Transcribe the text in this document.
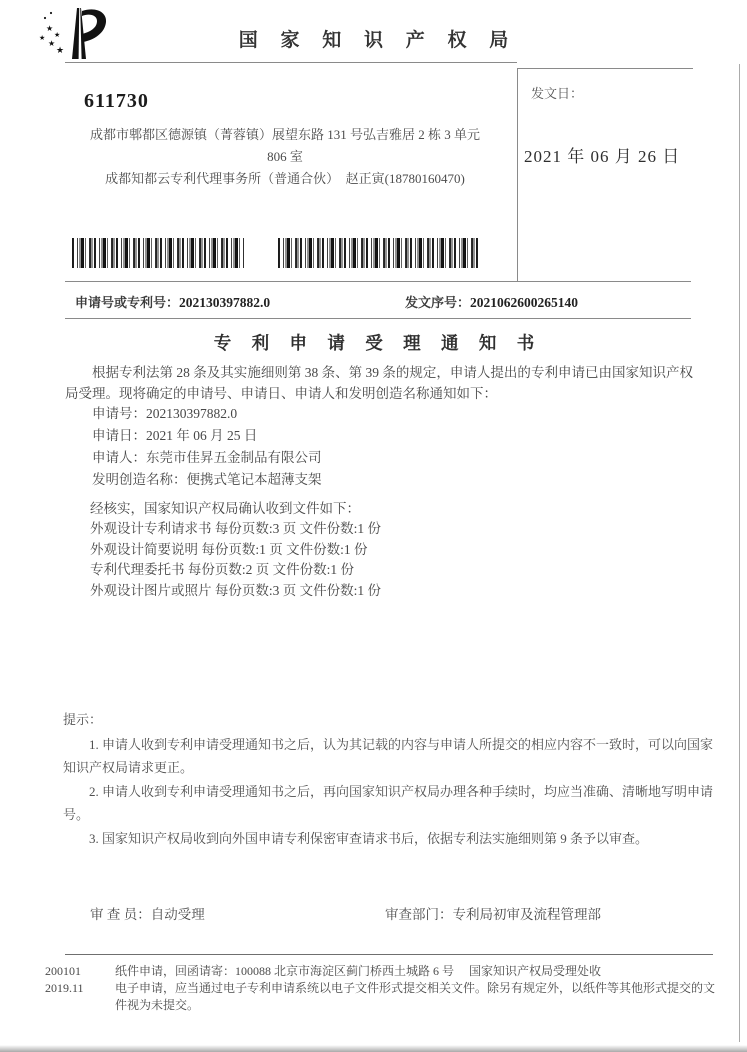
★
★
★
★
★	国 家 知 识 产 权 局
发文日：
2021 年 06 月 26 日
611730
成都市郫都区德源镇（菁蓉镇）展望东路 131 号弘吉雅居 2 栋 3 单元
806 室
成都知都云专利代理事务所（普通合伙）　赵正寅(18780160470)
申请号或专利号：202130397882.0	发文序号：2021062600265140
专 利 申 请 受 理 通 知 书
根据专利法第 28 条及其实施细则第 38 条、第 39 条的规定，申请人提出的专利申请已由国家知识产权局受理。现将确定的申请号、申请日、申请人和发明创造名称通知如下：
申请号：202130397882.0
申请日：2021 年 06 月 25 日
申请人：东莞市佳昇五金制品有限公司
发明创造名称：便携式笔记本超薄支架
经核实，国家知识产权局确认收到文件如下：
外观设计专利请求书 每份页数:3 页 文件份数:1 份
外观设计简要说明 每份页数:1 页 文件份数:1 份
专利代理委托书 每份页数:2 页 文件份数:1 份
外观设计图片或照片 每份页数:3 页 文件份数:1 份
提示：
1. 申请人收到专利申请受理通知书之后，认为其记载的内容与申请人所提交的相应内容不一致时，可以向国家知识产权局请求更正。
2. 申请人收到专利申请受理通知书之后，再向国家知识产权局办理各种手续时，均应当准确、清晰地写明申请号。
3. 国家知识产权局收到向外国申请专利保密审查请求书后，依据专利法实施细则第 9 条予以审查。
审 查 员：自动受理	审查部门：专利局初审及流程管理部
200101
2019.11
纸件申请，回函请寄：100088 北京市海淀区蓟门桥西土城路 6 号　 国家知识产权局受理处收
电子申请，应当通过电子专利申请系统以电子文件形式提交相关文件。除另有规定外，以纸件等其他形式提交的文件视为未提交。
